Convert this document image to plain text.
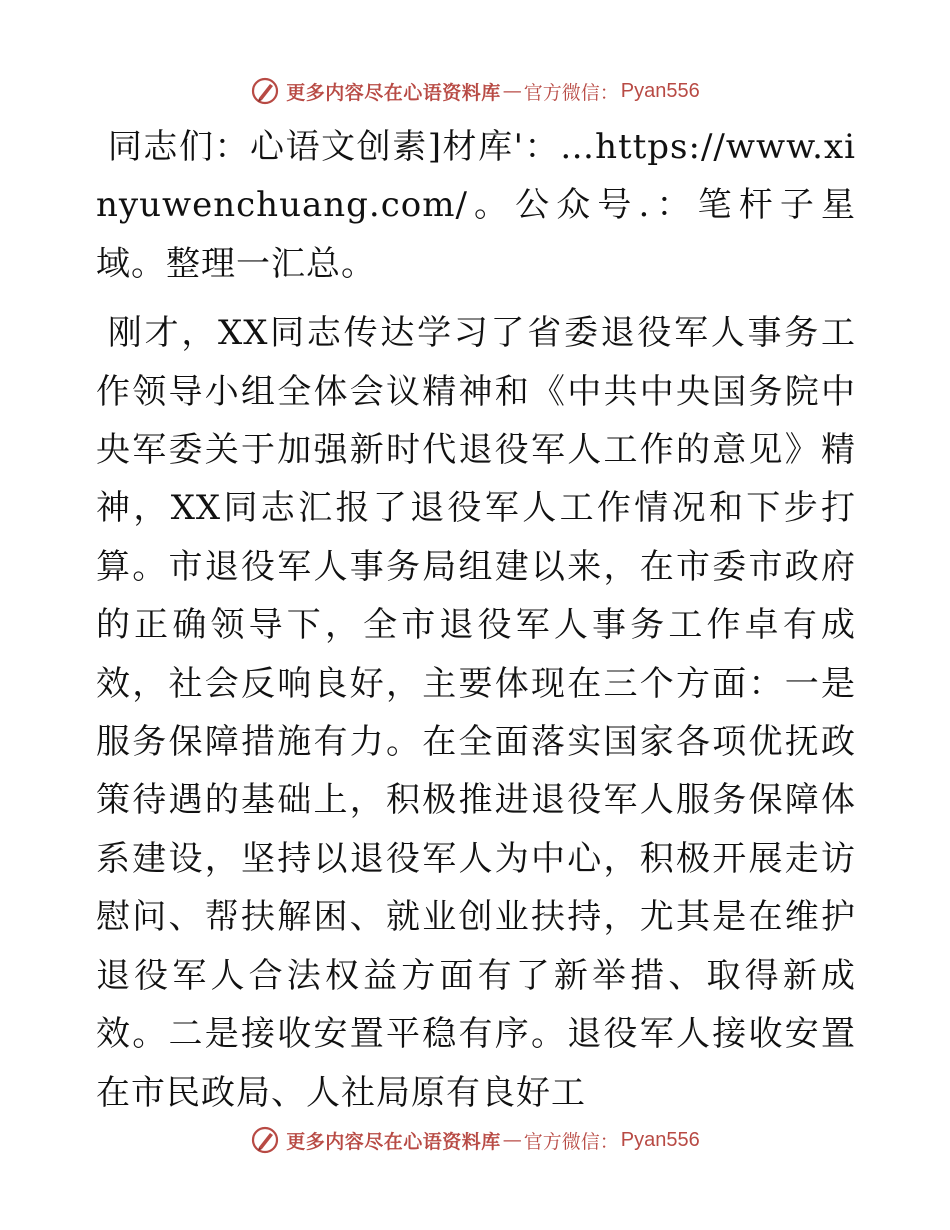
更多内容尽在心语资料库 — 官方微信： Pyan556

同志们：心语文创素]材库'：…https://www.xinyuwenchuang.com/。公众号.：笔杆子星域。整理一汇总。

刚才，XX同志传达学习了省委退役军人事务工作领导小组全体会议精神和《中共中央国务院中央军委关于加强新时代退役军人工作的意见》精神，XX同志汇报了退役军人工作情况和下步打算。市退役军人事务局组建以来，在市委市政府的正确领导下，全市退役军人事务工作卓有成效，社会反响良好，主要体现在三个方面：一是服务保障措施有力。在全面落实国家各项优抚政策待遇的基础上，积极推进退役军人服务保障体系建设，坚持以退役军人为中心，积极开展走访慰问、帮扶解困、就业创业扶持，尤其是在维护退役军人合法权益方面有了新举措、取得新成效。二是接收安置平稳有序。退役军人接收安置在市民政局、人社局原有良好工

更多内容尽在心语资料库 — 官方微信： Pyan556
